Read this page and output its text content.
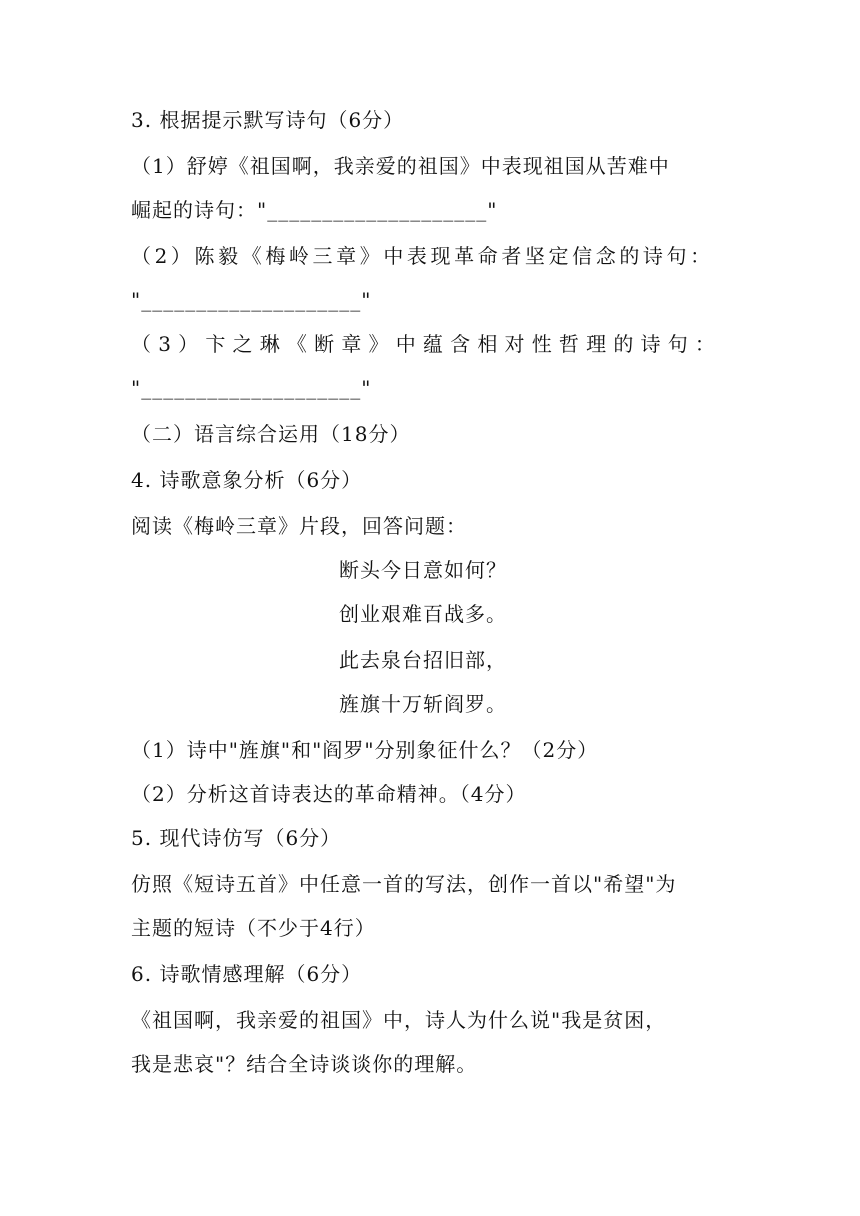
3. 根据提示默写诗句（6分）
（1）舒婷《祖国啊，我亲爱的祖国》中表现祖国从苦难中
崛起的诗句："____________________"
（2）陈毅《梅岭三章》中表现革命者坚定信念的诗句：
"____________________"
（3）卞之琳《断章》中蕴含相对性哲理的诗句：
"____________________"
（二）语言综合运用（18分）
4. 诗歌意象分析（6分）
阅读《梅岭三章》片段，回答问题：
断头今日意如何？
创业艰难百战多。
此去泉台招旧部，
旌旗十万斩阎罗。
（1）诗中"旌旗"和"阎罗"分别象征什么？（2分）
（2）分析这首诗表达的革命精神。（4分）
5. 现代诗仿写（6分）
仿照《短诗五首》中任意一首的写法，创作一首以"希望"为
主题的短诗（不少于4行）
6. 诗歌情感理解（6分）
《祖国啊，我亲爱的祖国》中，诗人为什么说"我是贫困，
我是悲哀"？结合全诗谈谈你的理解。
